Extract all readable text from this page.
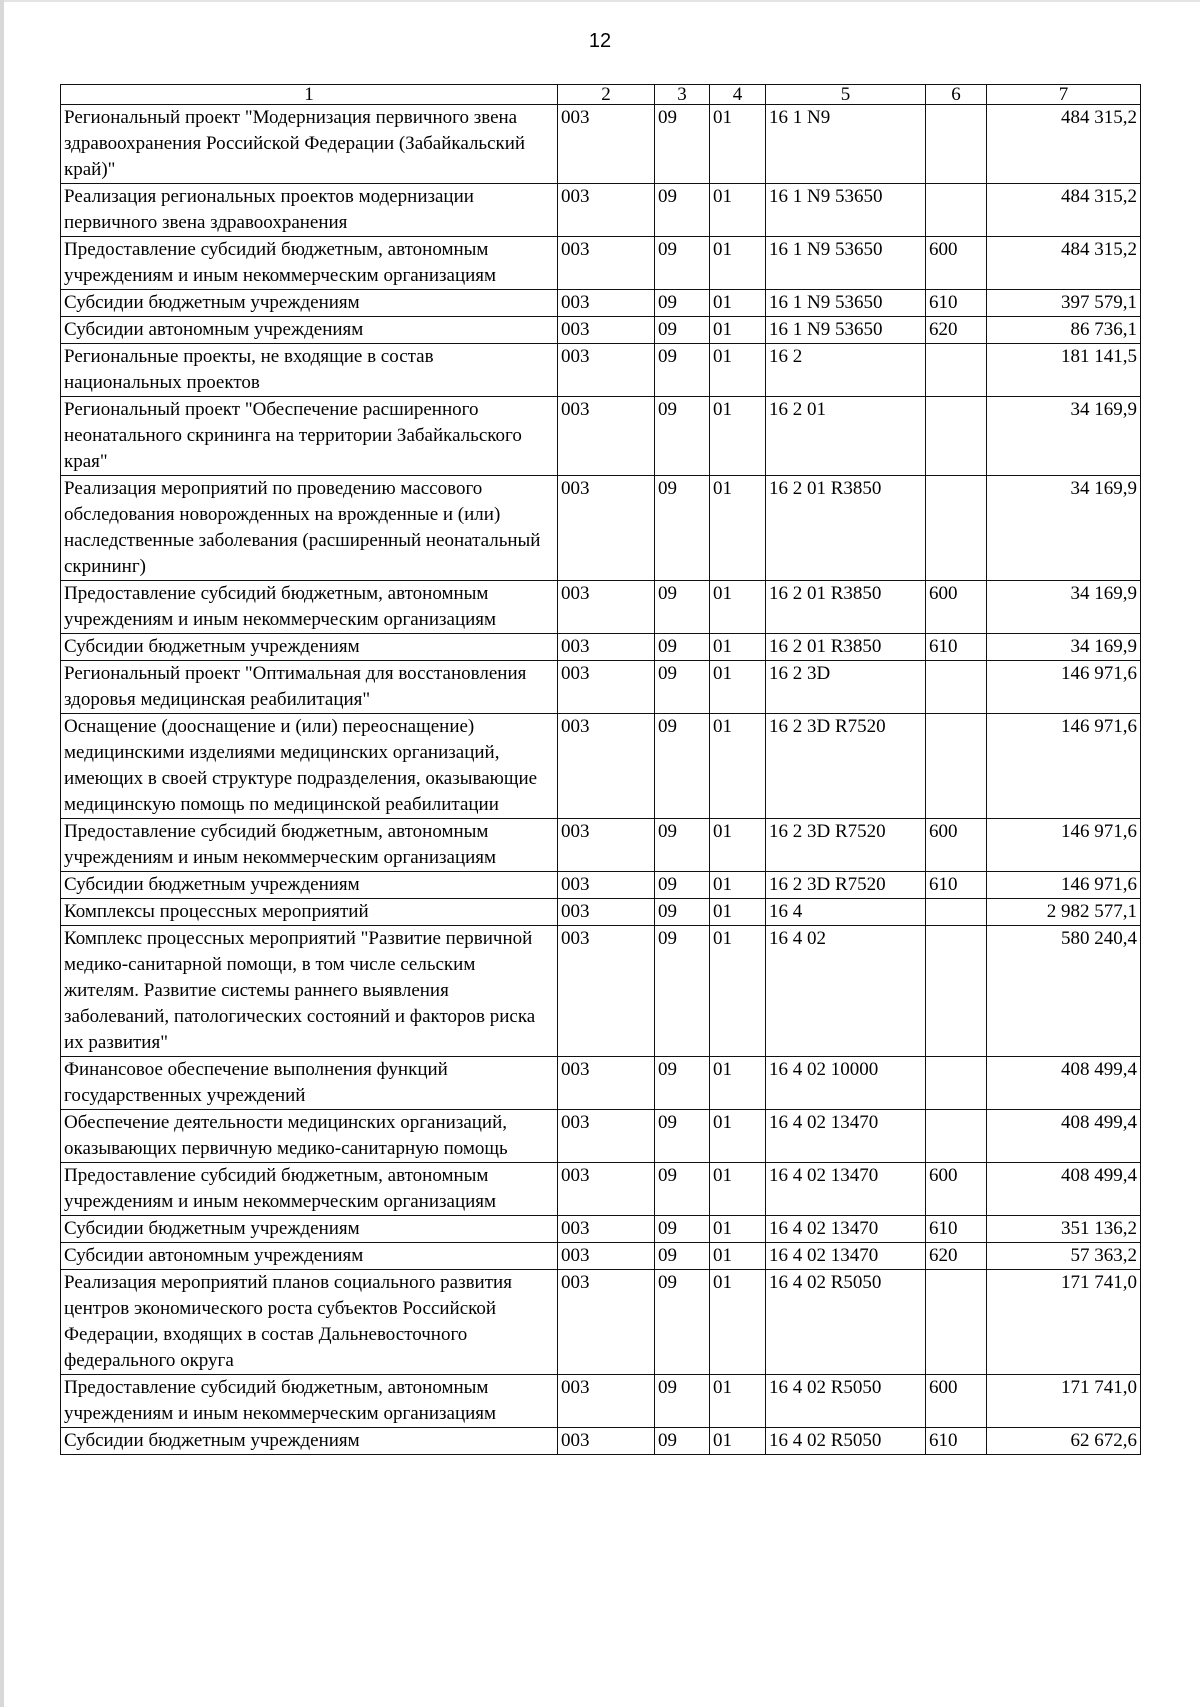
12
1	2	3	4	5	6	7
Региональный проект "Модернизация первичного звена здравоохранения Российской Федерации (Забайкальский край)"	003	09	01	16 1 N9		484 315,2
Реализация региональных проектов модернизации первичного звена здравоохранения	003	09	01	16 1 N9 53650		484 315,2
Предоставление субсидий бюджетным, автономным учреждениям и иным некоммерческим организациям	003	09	01	16 1 N9 53650	600	484 315,2
Субсидии бюджетным учреждениям	003	09	01	16 1 N9 53650	610	397 579,1
Субсидии автономным учреждениям	003	09	01	16 1 N9 53650	620	86 736,1
Региональные проекты, не входящие в состав национальных проектов	003	09	01	16 2		181 141,5
Региональный проект "Обеспечение расширенного неонатального скрининга на территории Забайкальского края"	003	09	01	16 2 01		34 169,9
Реализация мероприятий по проведению массового обследования новорожденных на врожденные и (или) наследственные заболевания (расширенный неонатальный скрининг)	003	09	01	16 2 01 R3850		34 169,9
Предоставление субсидий бюджетным, автономным учреждениям и иным некоммерческим организациям	003	09	01	16 2 01 R3850	600	34 169,9
Субсидии бюджетным учреждениям	003	09	01	16 2 01 R3850	610	34 169,9
Региональный проект "Оптимальная для восстановления здоровья медицинская реабилитация"	003	09	01	16 2 3D		146 971,6
Оснащение (дооснащение и (или) переоснащение) медицинскими изделиями медицинских организаций, имеющих в своей структуре подразделения, оказывающие медицинскую помощь по медицинской реабилитации	003	09	01	16 2 3D R7520		146 971,6
Предоставление субсидий бюджетным, автономным учреждениям и иным некоммерческим организациям	003	09	01	16 2 3D R7520	600	146 971,6
Субсидии бюджетным учреждениям	003	09	01	16 2 3D R7520	610	146 971,6
Комплексы процессных мероприятий	003	09	01	16 4		2 982 577,1
Комплекс процессных мероприятий "Развитие первичной медико-санитарной помощи, в том числе сельским жителям. Развитие системы раннего выявления заболеваний, патологических состояний и факторов риска их развития"	003	09	01	16 4 02		580 240,4
Финансовое обеспечение выполнения функций государственных учреждений	003	09	01	16 4 02 10000		408 499,4
Обеспечение деятельности медицинских организаций, оказывающих первичную медико-санитарную помощь	003	09	01	16 4 02 13470		408 499,4
Предоставление субсидий бюджетным, автономным учреждениям и иным некоммерческим организациям	003	09	01	16 4 02 13470	600	408 499,4
Субсидии бюджетным учреждениям	003	09	01	16 4 02 13470	610	351 136,2
Субсидии автономным учреждениям	003	09	01	16 4 02 13470	620	57 363,2
Реализация мероприятий планов социального развития центров экономического роста субъектов Российской Федерации, входящих в состав Дальневосточного федерального округа	003	09	01	16 4 02 R5050		171 741,0
Предоставление субсидий бюджетным, автономным учреждениям и иным некоммерческим организациям	003	09	01	16 4 02 R5050	600	171 741,0
Субсидии бюджетным учреждениям	003	09	01	16 4 02 R5050	610	62 672,6
